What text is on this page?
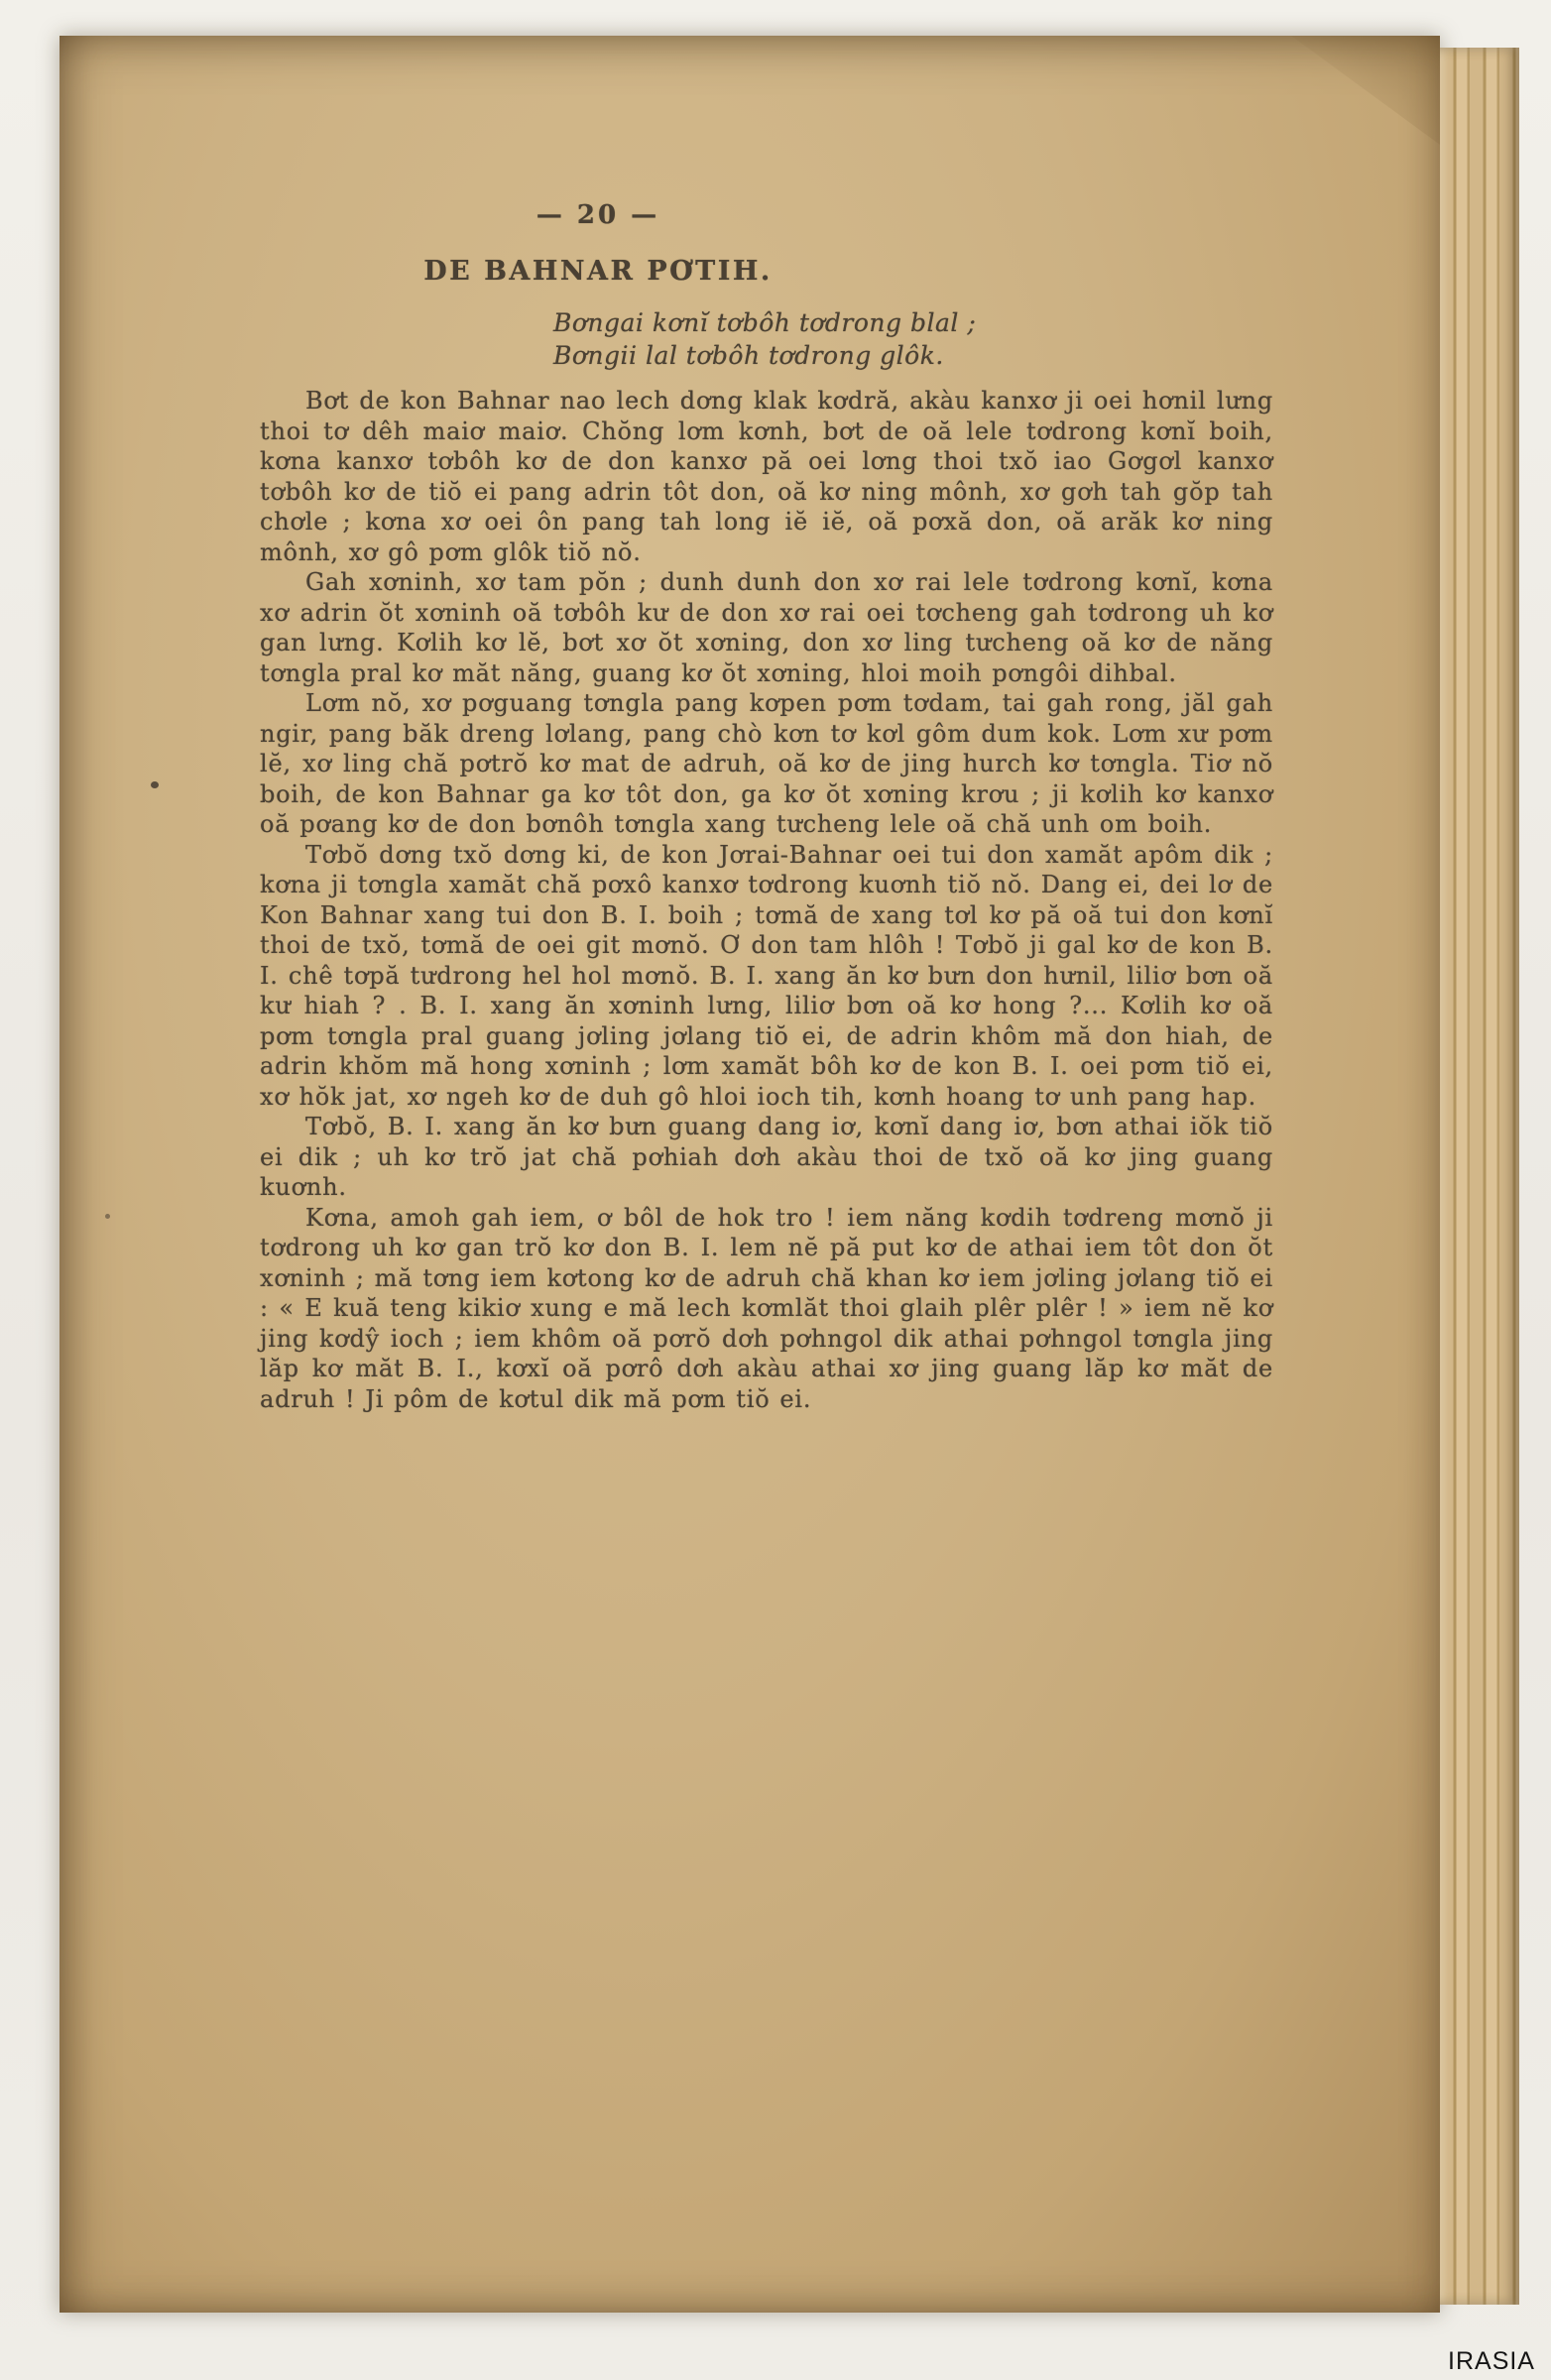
— 20 —
DE BAHNAR PƠTIH.
Bơngai kơnĭ tơbôh tơdrong blal ;
Bơngii lal tơbôh tơdrong glôk.

Bơt de kon Bahnar nao lech dơng klak kơdră, akàu kanxơ ji oei hơnil lưng thoi tơ dêh maiơ maiơ. Chŏng lơm kơnh, bơt de oă lele tơdrong kơnĭ boih, kơna kanxơ tơbôh kơ de don kanxơ pă oei lơng thoi txŏ iao Gơgơl kanxơ tơbôh kơ de tiŏ ei pang adrin tôt don, oă kơ ning mônh, xơ gơh tah gŏp tah chơle ; kơna xơ oei ôn pang tah long iĕ iĕ, oă pơxă don, oă arăk kơ ning mônh, xơ gô pơm glôk tiŏ nŏ.

Gah xơninh, xơ tam pŏn ; dunh dunh don xơ rai lele tơdrong kơnĭ, kơna xơ adrin ŏt xơninh oă tơbôh kư de don xơ rai oei tơcheng gah tơdrong uh kơ gan lưng. Kơlih kơ lĕ, bơt xơ ŏt xơning, don xơ ling tưcheng oă kơ de năng tơngla pral kơ măt năng, guang kơ ŏt xơning, hloi moih pơngôi dihbal.

Lơm nŏ, xơ pơguang tơngla pang kơpen pơm tơdam, tai gah rong, jăl gah ngir, pang băk dreng lơlang, pang chò kơn tơ kơl gôm dum kok. Lơm xư pơm lĕ, xơ ling chă pơtrŏ kơ mat de adruh, oă kơ de jing hurch kơ tơngla. Tiơ nŏ boih, de kon Bahnar ga kơ tôt don, ga kơ ŏt xơning krơu ; ji kơlih kơ kanxơ oă pơang kơ de don bơnôh tơngla xang tưcheng lele oă chă unh om boih.

Tơbŏ dơng txŏ dơng ki, de kon Jơrai-Bahnar oei tui don xamăt apôm dik ; kơna ji tơngla xamăt chă pơxô kanxơ tơdrong kuơnh tiŏ nŏ. Dang ei, dei lơ de Kon Bahnar xang tui don B. I. boih ; tơmă de xang tơl kơ pă oă tui don kơnĭ thoi de txŏ, tơmă de oei git mơnŏ. Ơ don tam hlôh ! Tơbŏ ji gal kơ de kon B. I. chê tơpă tưdrong hel hol mơnŏ. B. I. xang ăn kơ bưn don hưnil, liliơ bơn oă kư hiah ? . B. I. xang ăn xơninh lưng, liliơ bơn oă kơ hong ?... Kơlih kơ oă pơm tơngla pral guang jơling jơlang tiŏ ei, de adrin khôm mă don hiah, de adrin khŏm mă hong xơninh ; lơm xamăt bôh kơ de kon B. I. oei pơm tiŏ ei, xơ hŏk jat, xơ ngeh kơ de duh gô hloi ioch tih, kơnh hoang tơ unh pang hap.

Tơbŏ, B. I. xang ăn kơ bưn guang dang iơ, kơnĭ dang iơ, bơn athai iŏk tiŏ ei dik ; uh kơ trŏ jat chă pơhiah dơh akàu thoi de txŏ oă kơ jing guang kuơnh.

Kơna, amoh gah iem, ơ bôl de hok tro ! iem năng kơdih tơdreng mơnŏ ji tơdrong uh kơ gan trŏ kơ don B. I. lem nĕ pă put kơ de athai iem tôt don ŏt xơninh ; mă tơng iem kơtong kơ de adruh chă khan kơ iem jơling jơlang tiŏ ei : « E kuă teng kikiơ xung e mă lech kơmlăt thoi glaih plêr plêr ! » iem nĕ kơ jing kơdŷ ioch ; iem khôm oă pơrŏ dơh pơhngol dik athai pơhngol tơngla jing lăp kơ măt B. I., kơxĭ oă pơrô dơh akàu athai xơ jing guang lăp kơ măt de adruh ! Ji pôm de kơtul dik mă pơm tiŏ ei.

IRASIA
